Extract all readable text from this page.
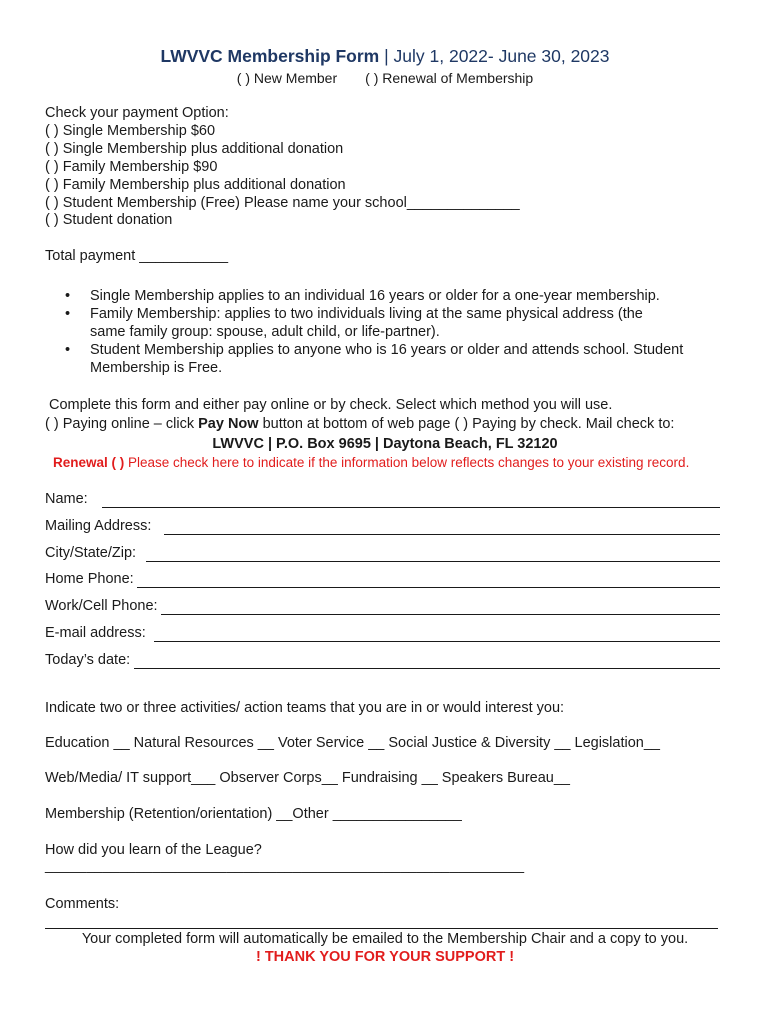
LWVVC Membership Form | July 1, 2022- June 30, 2023
( ) New Member ( ) Renewal of Membership
Check your payment Option:
( ) Single Membership $60
( ) Single Membership plus additional donation
( ) Family Membership $90
( ) Family Membership plus additional donation
( ) Student Membership (Free) Please name your school______________
( ) Student donation
Total payment ___________
• Single Membership applies to an individual 16 years or older for a one-year membership.
• Family Membership: applies to two individuals living at the same physical address (the same family group: spouse, adult child, or life-partner).
• Student Membership applies to anyone who is 16 years or older and attends school. Student Membership is Free.
Complete this form and either pay online or by check. Select which method you will use.
( ) Paying online – click Pay Now button at bottom of web page ( ) Paying by check. Mail check to:
LWVVC | P.O. Box 9695 | Daytona Beach, FL 32120
Renewal ( ) Please check here to indicate if the information below reflects changes to your existing record.
Name:
Mailing Address:
City/State/Zip:
Home Phone:
Work/Cell Phone:
E-mail address:
Today’s date:
Indicate two or three activities/ action teams that you are in or would interest you:
Education __ Natural Resources __ Voter Service __ Social Justice & Diversity __ Legislation__
Web/Media/ IT support___ Observer Corps__ Fundraising __ Speakers Bureau__
Membership (Retention/orientation) __Other ________________
How did you learn of the League?
__________________________________________________________
Comments:
Your completed form will automatically be emailed to the Membership Chair and a copy to you.
! THANK YOU FOR YOUR SUPPORT !
